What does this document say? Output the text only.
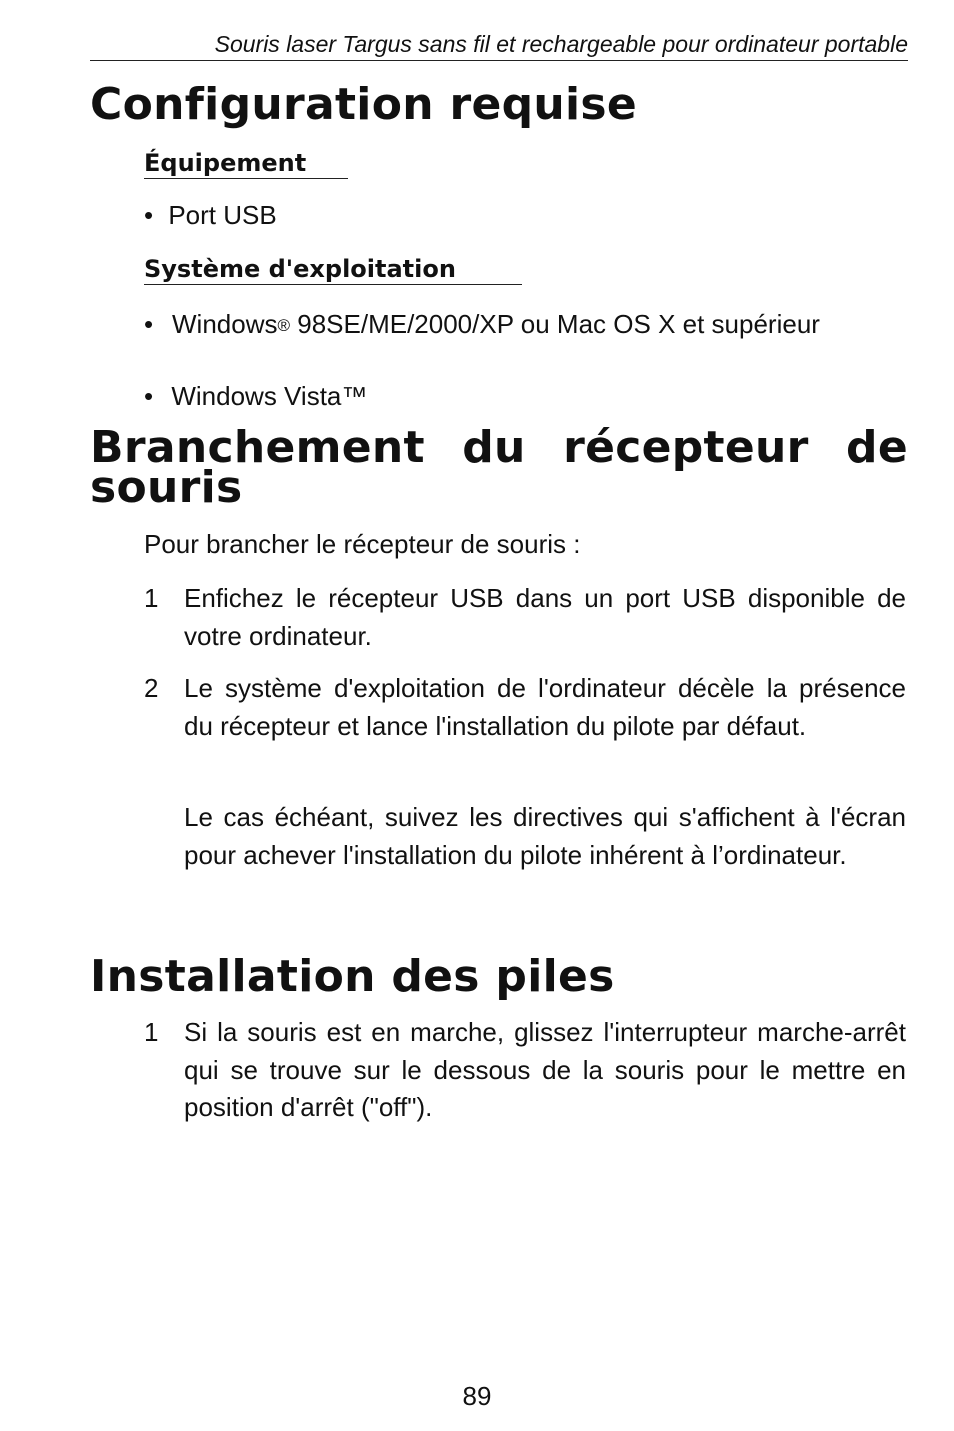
Souris laser Targus sans fil et rechargeable pour ordinateur portable
Configuration requise
Équipement
• Port USB
Système d'exploitation
• Windows® 98SE/ME/2000/XP ou Mac OS X et supérieur
• Windows Vista™
Branchement du récepteur de souris
Pour brancher le récepteur de souris :
1 Enfichez le récepteur USB dans un port USB disponible de votre ordinateur.
2 Le système d'exploitation de l'ordinateur décèle la présence du récepteur et lance l'installation du pilote par défaut.
Le cas échéant, suivez les directives qui s'affichent à l'écran pour achever l'installation du pilote inhérent à l’ordinateur.
Installation des piles
1 Si la souris est en marche, glissez l'interrupteur marche-arrêt qui se trouve sur le dessous de la souris pour le mettre en position d'arrêt ("off").
89
